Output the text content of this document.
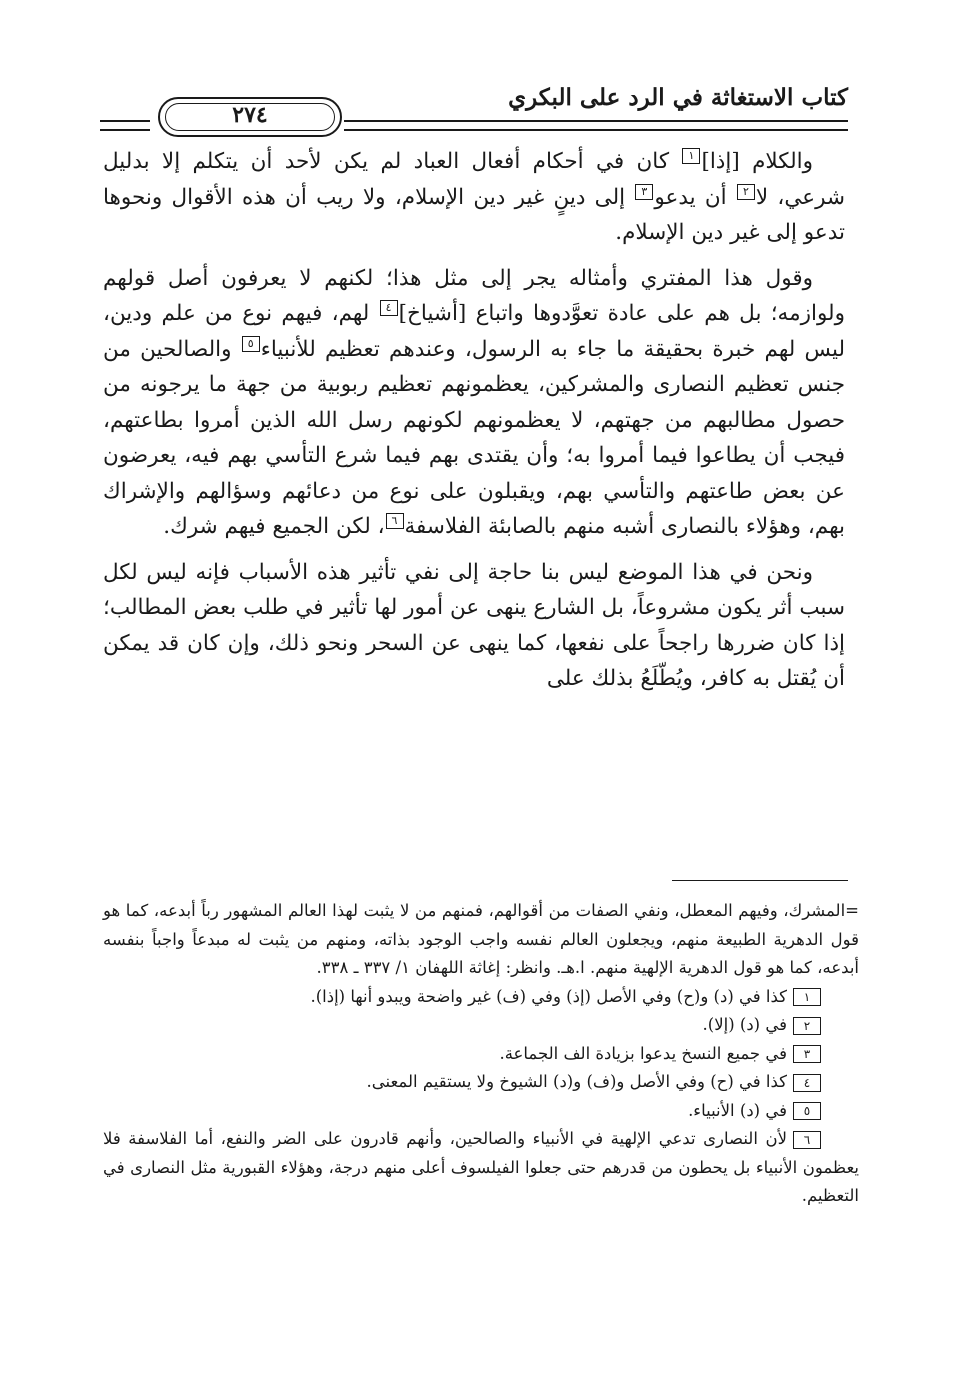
كتاب الاستغاثة في الرد على البكري
٢٧٤

والكلام [إذا]١ كان في أحكام أفعال العباد لم يكن لأحد أن يتكلم إلا بدليل شرعي، لا٢ أن يدعو٣ إلى دينٍ غير دين الإسلام، ولا ريب أن هذه الأقوال ونحوها تدعو إلى غير دين الإسلام.

وقول هذا المفتري وأمثاله يجر إلى مثل هذا؛ لكنهم لا يعرفون أصل قولهم ولوازمه؛ بل هم على عادة تعوَّدوها واتباع [أشياخ]٤ لهم، فيهم نوع من علم ودين، ليس لهم خبرة بحقيقة ما جاء به الرسول، وعندهم تعظيم للأنبياء٥ والصالحين من جنس تعظيم النصارى والمشركين، يعظمونهم تعظيم ربوبية من جهة ما يرجونه من حصول مطالبهم من جهتهم، لا يعظمونهم لكونهم رسل الله الذين أمروا بطاعتهم، فيجب أن يطاعوا فيما أمروا به؛ وأن يقتدى بهم فيما شرع التأسي بهم فيه، يعرضون عن بعض طاعتهم والتأسي بهم، ويقبلون على نوع من دعائهم وسؤالهم والإشراك بهم، وهؤلاء بالنصارى أشبه منهم بالصابئة الفلاسفة٦، لكن الجميع فيهم شرك.

ونحن في هذا الموضع ليس بنا حاجة إلى نفي تأثير هذه الأسباب فإنه ليس لكل سبب أثر يكون مشروعاً، بل الشارع ينهى عن أمور لها تأثير في طلب بعض المطالب؛ إذا كان ضررها راجحاً على نفعها، كما ينهى عن السحر ونحو ذلك، وإن كان قد يمكن أن يُقتل به كافر، ويُطّلَعُ بذلك على

=المشرك، وفيهم المعطل، ونفي الصفات من أقوالهم، فمنهم من لا يثبت لهذا العالم المشهور رباً أبدعه، كما هو قول الدهرية الطبيعة منهم، ويجعلون العالم نفسه واجب الوجود بذاته، ومنهم من يثبت له مبدعاً واجباً بنفسه أبدعه، كما هو قول الدهرية الإلهية منهم. ا.هـ. وانظر: إغاثة اللهفان ١/ ٣٣٧ ـ ٣٣٨.

١كذا في (د) و(ح) وفي الأصل (إذ) وفي (ف) غير واضحة ويبدو أنها (إذا).

٢في (د) (إلا).

٣في جميع النسخ يدعوا بزيادة الف الجماعة.

٤كذا في (ح) وفي الأصل و(ف) و(د) الشيوخ ولا يستقيم المعنى.

٥في (د) الأنبياء.

٦لأن النصارى تدعي الإلهية في الأنبياء والصالحين، وأنهم قادرون على الضر والنفع، أما الفلاسفة فلا يعظمون الأنبياء بل يحطون من قدرهم حتى جعلوا الفيلسوف أعلى منهم درجة، وهؤلاء القبورية مثل النصارى في التعظيم.
